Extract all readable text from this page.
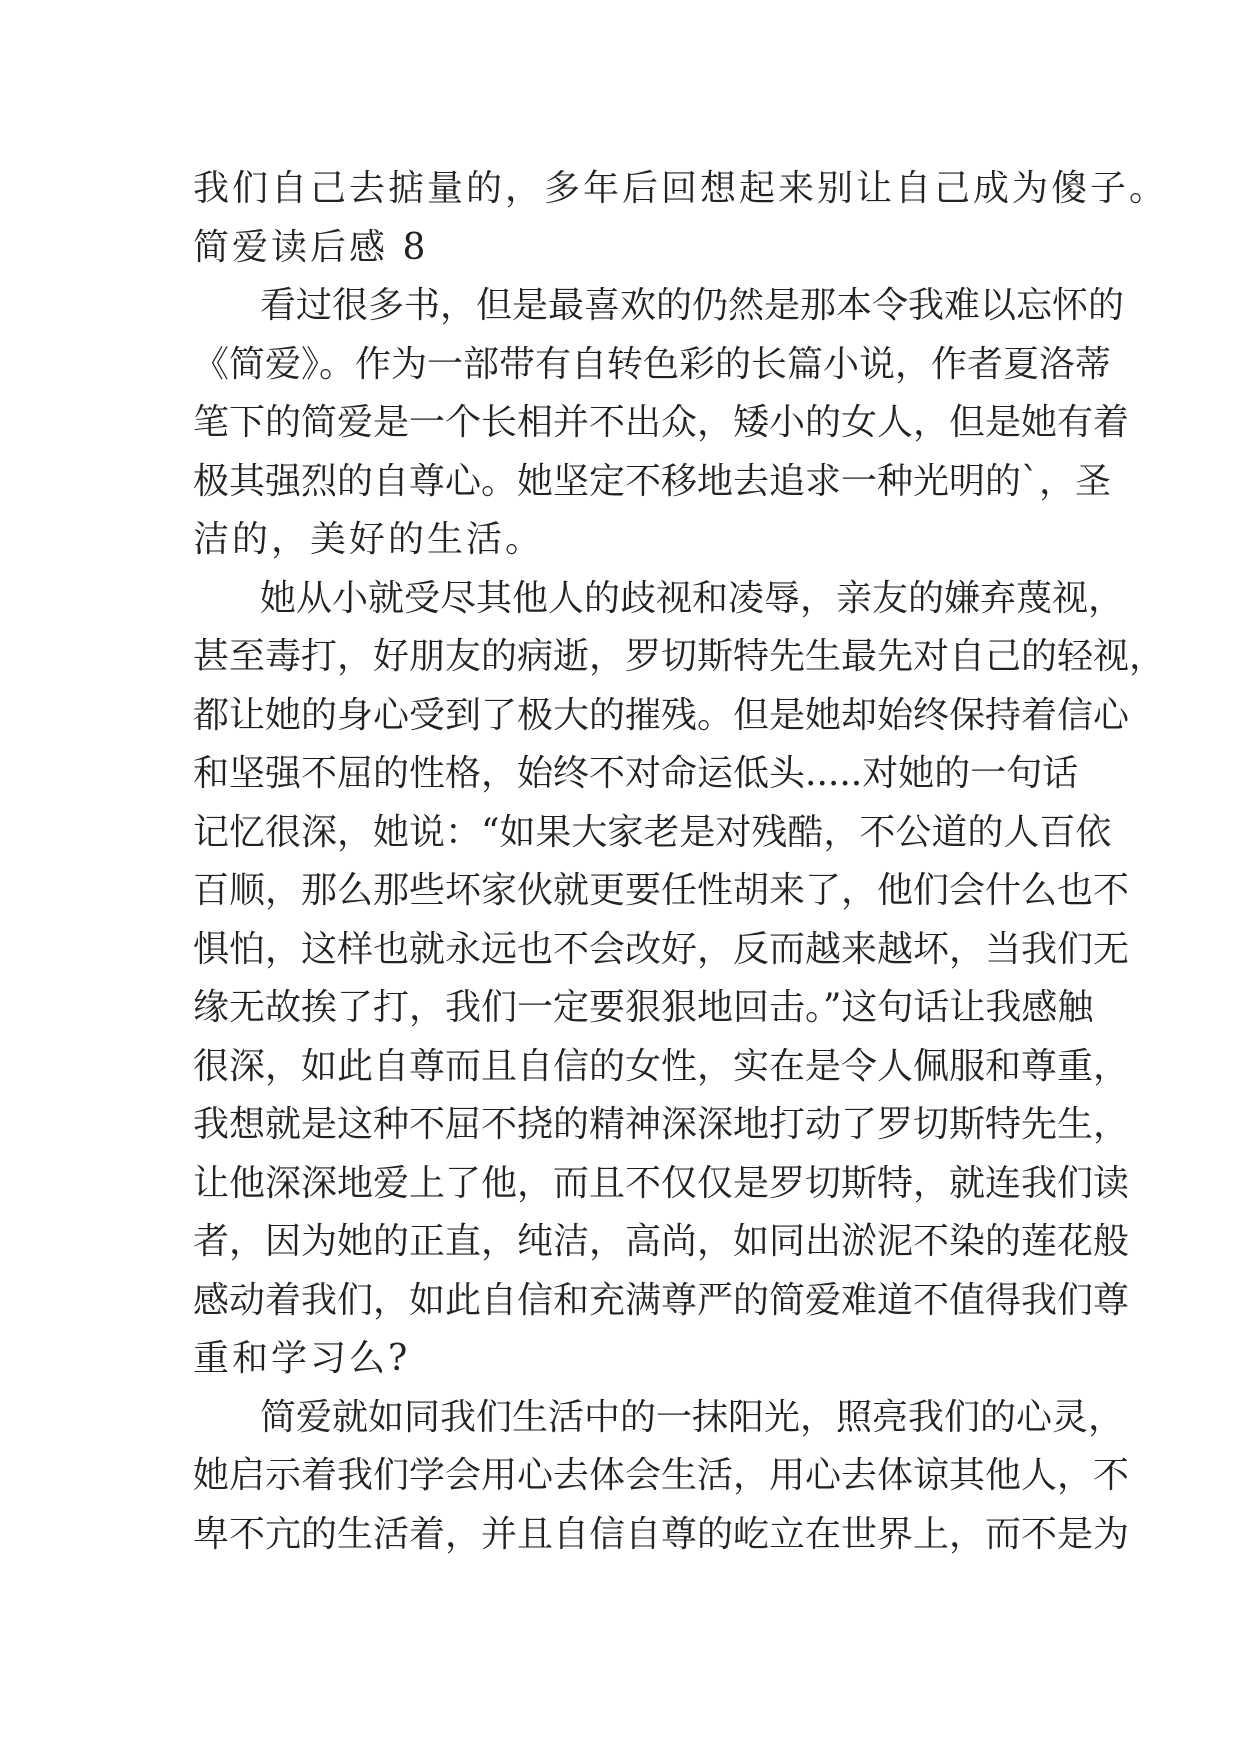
我们自己去掂量的，多年后回想起来别让自己成为傻子。
简爱读后感 8
看过很多书，但是最喜欢的仍然是那本令我难以忘怀的
《简爱》。作为一部带有自转色彩的长篇小说，作者夏洛蒂
笔下的简爱是一个长相并不出众，矮小的女人，但是她有着
极其强烈的自尊心。她坚定不移地去追求一种光明的`，圣
洁的，美好的生活。
她从小就受尽其他人的歧视和凌辱，亲友的嫌弃蔑视，
甚至毒打，好朋友的病逝，罗切斯特先生最先对自己的轻视，
都让她的身心受到了极大的摧残。但是她却始终保持着信心
和坚强不屈的性格，始终不对命运低头.....对她的一句话
记忆很深，她说：“如果大家老是对残酷，不公道的人百依
百顺，那么那些坏家伙就更要任性胡来了，他们会什么也不
惧怕，这样也就永远也不会改好，反而越来越坏，当我们无
缘无故挨了打，我们一定要狠狠地回击。”这句话让我感触
很深，如此自尊而且自信的女性，实在是令人佩服和尊重，
我想就是这种不屈不挠的精神深深地打动了罗切斯特先生，
让他深深地爱上了他，而且不仅仅是罗切斯特，就连我们读
者，因为她的正直，纯洁，高尚，如同出淤泥不染的莲花般
感动着我们，如此自信和充满尊严的简爱难道不值得我们尊
重和学习么?
简爱就如同我们生活中的一抹阳光，照亮我们的心灵，
她启示着我们学会用心去体会生活，用心去体谅其他人，不
卑不亢的生活着，并且自信自尊的屹立在世界上，而不是为
